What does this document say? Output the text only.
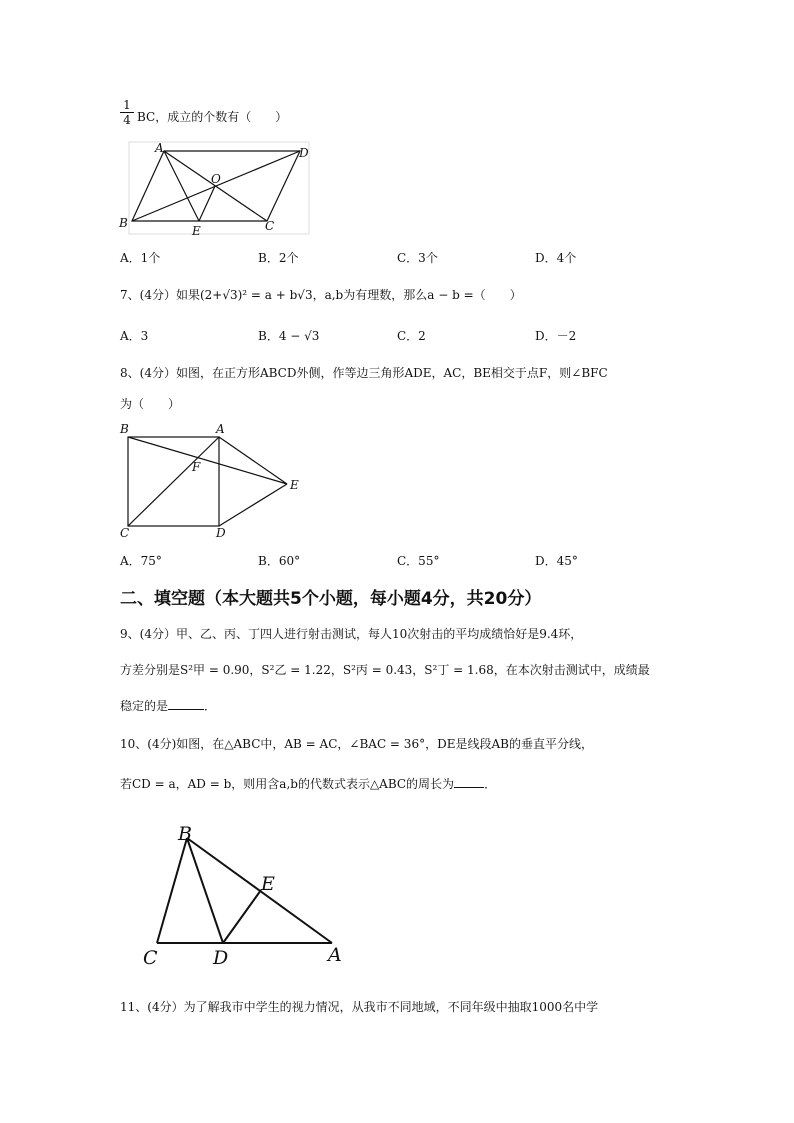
$\frac{1}{4}$ BC，成立的个数有（　　）
A	D
O
B
E	C
A．1个	B．2个	C．3个	D．4个
7、(4分）如果(2+√3)² = a + b√3，a,b为有理数，那么a − b =（　　）
A．3	B．4 − √3	C．2	D．－2
8、(4分）如图，在正方形ABCD外侧，作等边三角形ADE，AC，BE相交于点F，则∠BFC
为（　　）
B	A
F
E
C	D
A．75°	B．60°	C．55°	D．45°
二、填空题（本大题共5个小题，每小题4分，共20分）
9、(4分）甲、乙、丙、丁四人进行射击测试，每人10次射击的平均成绩恰好是9.4环，
方差分别是S²甲 = 0.90，S²乙 = 1.22，S²丙 = 0.43，S²丁 = 1.68，在本次射击测试中，成绩最
稳定的是	．
10、(4分)如图，在△ABC中，AB = AC，∠BAC = 36°，DE是线段AB的垂直平分线，
若CD = a，AD = b，则用含a,b的代数式表示△ABC的周长为	．
B
E
C	D	A
11、(4分）为了解我市中学生的视力情况，从我市不同地域，不同年级中抽取1000名中学
